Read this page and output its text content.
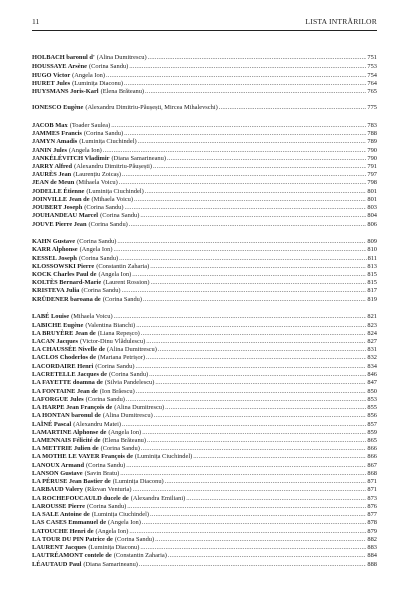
11	LISTA INTRĂRILOR
HOLBACH baronul d' (Alina Dumitrescu) .....	751
HOUSSAYE Arsène (Corina Sandu) .....	753
HUGO Victor (Angela Ion) .....	754
HURET Jules (Luminița Diaconu) .....	764
HUYSMANS Joris-Karl (Elena Brăteanu) .....	765
IONESCO Eugène (Alexandru Dimitriu-Păușești, Mircea Mihalevschi) .....	775
JACOB Max (Toader Saulea) .....	783
JAMMES Francis (Corina Sandu) .....	788
JAMYN Amadis (Luminița Ciuchindel) .....	789
JANIN Jules (Angela Ion) .....	790
JANKÉLÉVITCH Vladimir (Diana Samarineanu) .....	790
JARRY Alfred (Alexandru Dimitriu-Păușești) .....	791
JAURÈS Jean (Laurențiu Zoicaș) .....	797
JEAN de Meun (Mihaela Voicu) .....	798
JODELLE Étienne (Luminița Ciuchindel) .....	801
JOINVILLE Jean de (Mihaela Voicu) .....	801
JOUBERT Joseph (Corina Sandu) .....	803
JOUHANDEAU Marcel (Corina Sandu) .....	804
JOUVE Pierre Jean (Corina Sandu) .....	806
KAHN Gustave (Corina Sandu) .....	809
KARR Alphonse (Angela Ion) .....	810
KESSEL Joseph (Corina Sandu) .....	811
KLOSSOWSKI Pierre (Constantin Zaharia) .....	813
KOCK Charles Paul de (Angela Ion) .....	815
KOLTÈS Bernard-Marie (Laurent Rossion) .....	815
KRISTEVA Julia (Corina Sandu) .....	817
KRÜDENER baroana de (Corina Sandu) .....	819
LABÉ Louise (Mihaela Voicu) .....	821
LABICHE Eugène (Valentina Bianchi) .....	823
LA BRUYÈRE Jean de (Liana Repeșco) .....	824
LACAN Jacques (Victor-Dinu Vlădulescu) .....	827
LA CHAUSSÉE Nivelle de (Alina Dumitrescu) .....	831
LACLOS Choderlos de (Mariana Petrișor) .....	832
LACORDAIRE Henri (Corina Sandu) .....	834
LACRETELLE Jacques de (Corina Sandu) .....	846
LA FAYETTE doamna de (Silvia Pandelescu) .....	847
LA FONTAINE Jean de (Ion Brăescu) .....	850
LAFORGUE Jules (Corina Sandu) .....	853
LA HARPE Jean François de (Alina Dumitrescu) .....	855
LA HONTAN baronul de (Alina Dumitrescu) .....	856
LAÏNÉ Pascal (Alexandru Matei) .....	857
LAMARTINE Alphonse de (Angela Ion) .....	859
LAMENNAIS Félicité de (Elena Brăteanu) .....	865
LA METTRIE Julien de (Corina Sandu) .....	866
LA MOTHE LE VAYER François de (Luminița Ciuchindel) .....	866
LANOUX Armand (Corina Sandu) .....	867
LANSON Gustave (Savin Bratu) .....	868
LA PÉRUSE Jean Bastier de (Luminița Diaconu) .....	871
LARBAUD Valery (Răzvan Venturia) .....	871
LA ROCHEFOUCAULD ducele de (Alexandra Emiliani) .....	873
LAROUSSE Pierre (Corina Sandu) .....	876
LA SALE Antoine de (Luminița Ciuchindel) .....	877
LAS CASES Emmanuel de (Angela Ion) .....	878
LATOUCHE Henri de (Angela Ion) .....	879
LA TOUR DU PIN Patrice de (Corina Sandu) .....	882
LAURENT Jacques (Luminița Diaconu) .....	883
LAUTRÉAMONT contele de (Constantin Zaharia) .....	884
LÉAUTAUD Paul (Diana Samarineanu) .....	888
